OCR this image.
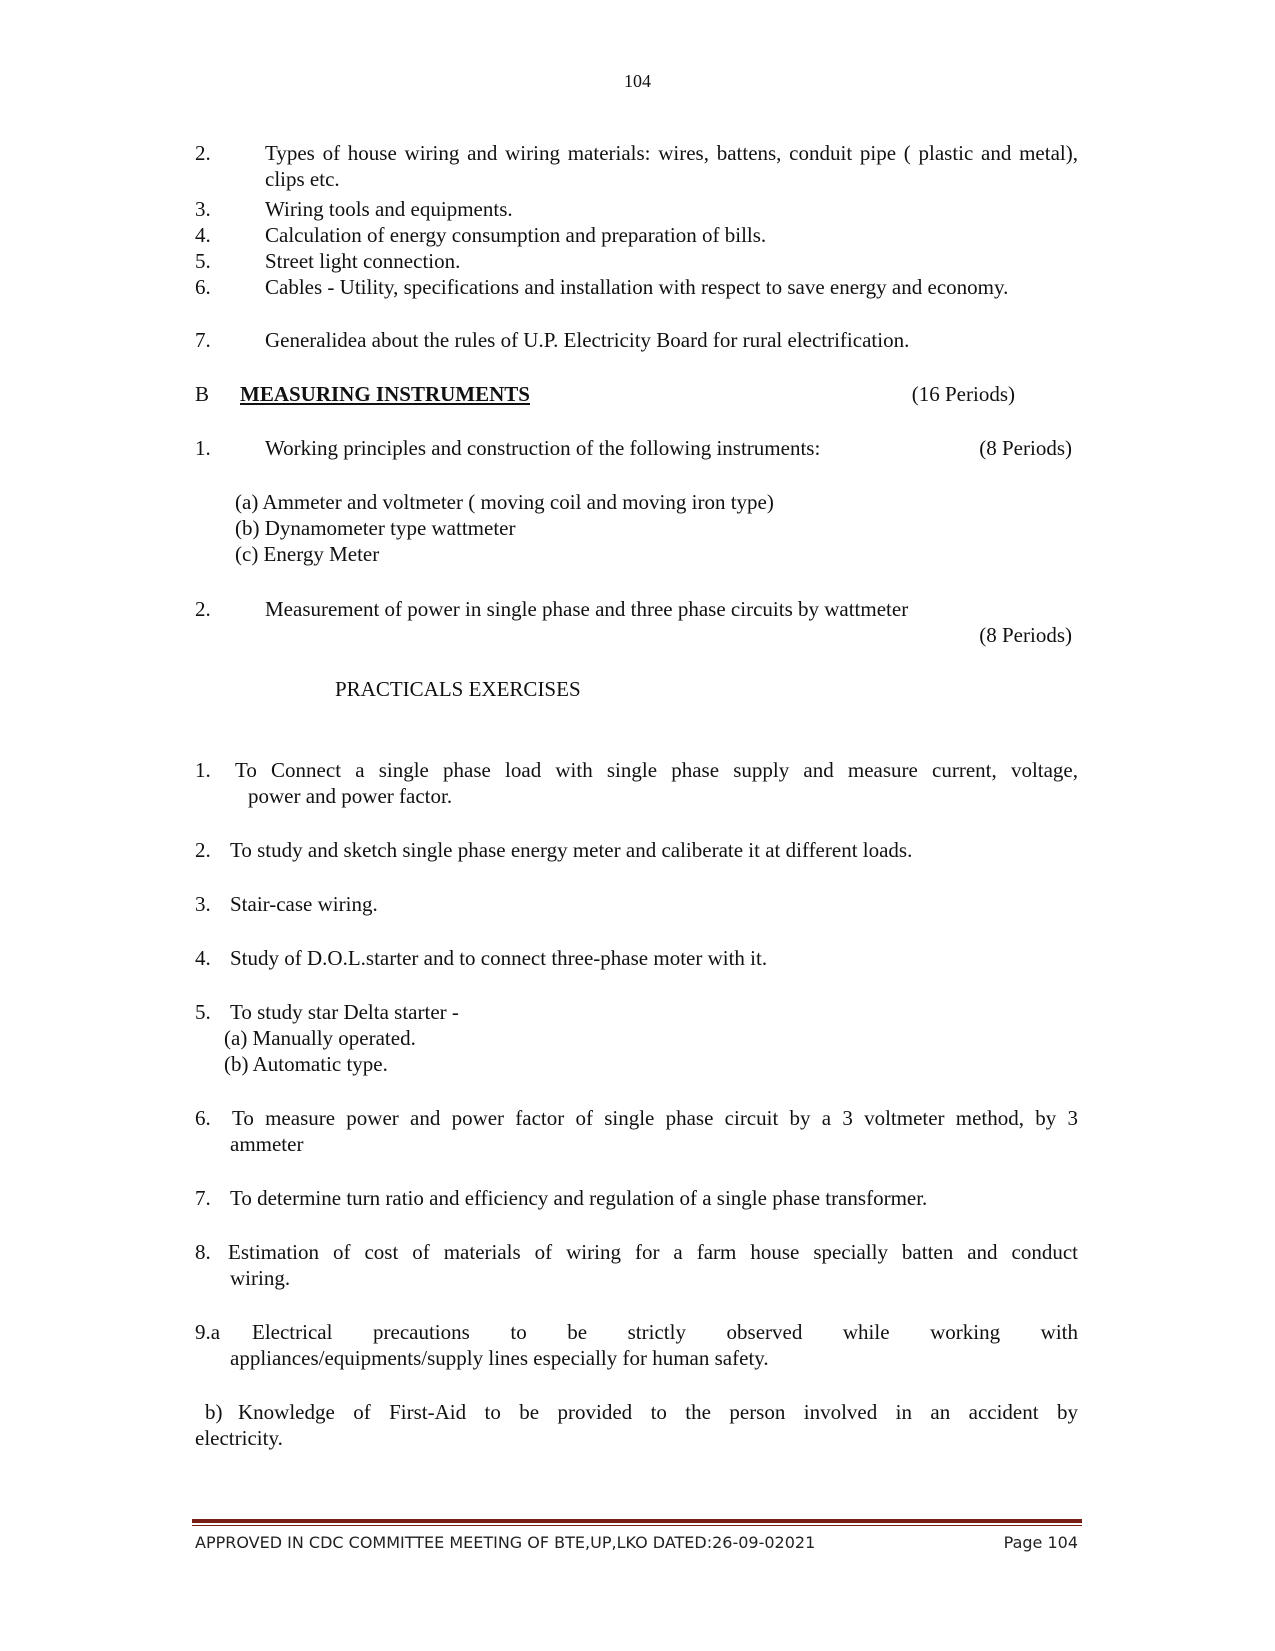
104
2.	Types of house wiring and wiring materials: wires, battens, conduit pipe ( plastic and metal), clips etc.
3.	Wiring tools and equipments.
4.	Calculation of energy consumption and preparation of bills.
5.	Street light connection.
6.	Cables - Utility, specifications and installation with respect to save energy and economy.
7.	Generalidea about the rules of U.P. Electricity Board for rural electrification.
B MEASURING INSTRUMENTS	(16 Periods)
1.	Working principles and construction of the following instruments:	(8 Periods)
(a) Ammeter and voltmeter ( moving coil and moving iron type)
(b) Dynamometer type wattmeter
(c) Energy Meter
2.	Measurement of power in single phase and three phase circuits by wattmeter
(8 Periods)
PRACTICALS EXERCISES
1. To Connect a single phase load with single phase supply and measure current, voltage,
power and power factor.
2. To study and sketch single phase energy meter and caliberate it at different loads.
3. Stair-case wiring.
4. Study of D.O.L.starter and to connect three-phase moter with it.
5. To study star Delta starter -
(a) Manually operated.
(b) Automatic type.
6. To measure power and power factor of single phase circuit by a 3 voltmeter method, by 3
ammeter
7. To determine turn ratio and efficiency and regulation of a single phase transformer.
8. Estimation of cost of materials of wiring for a farm house specially batten and conduct
wiring.
9.a Electrical precautions to be strictly observed while working with
appliances/equipments/supply lines especially for human safety.
b) Knowledge of First-Aid to be provided to the person involved in an accident by
electricity.
APPROVED IN CDC COMMITTEE MEETING OF BTE,UP,LKO DATED:26-09-02021	Page 104
